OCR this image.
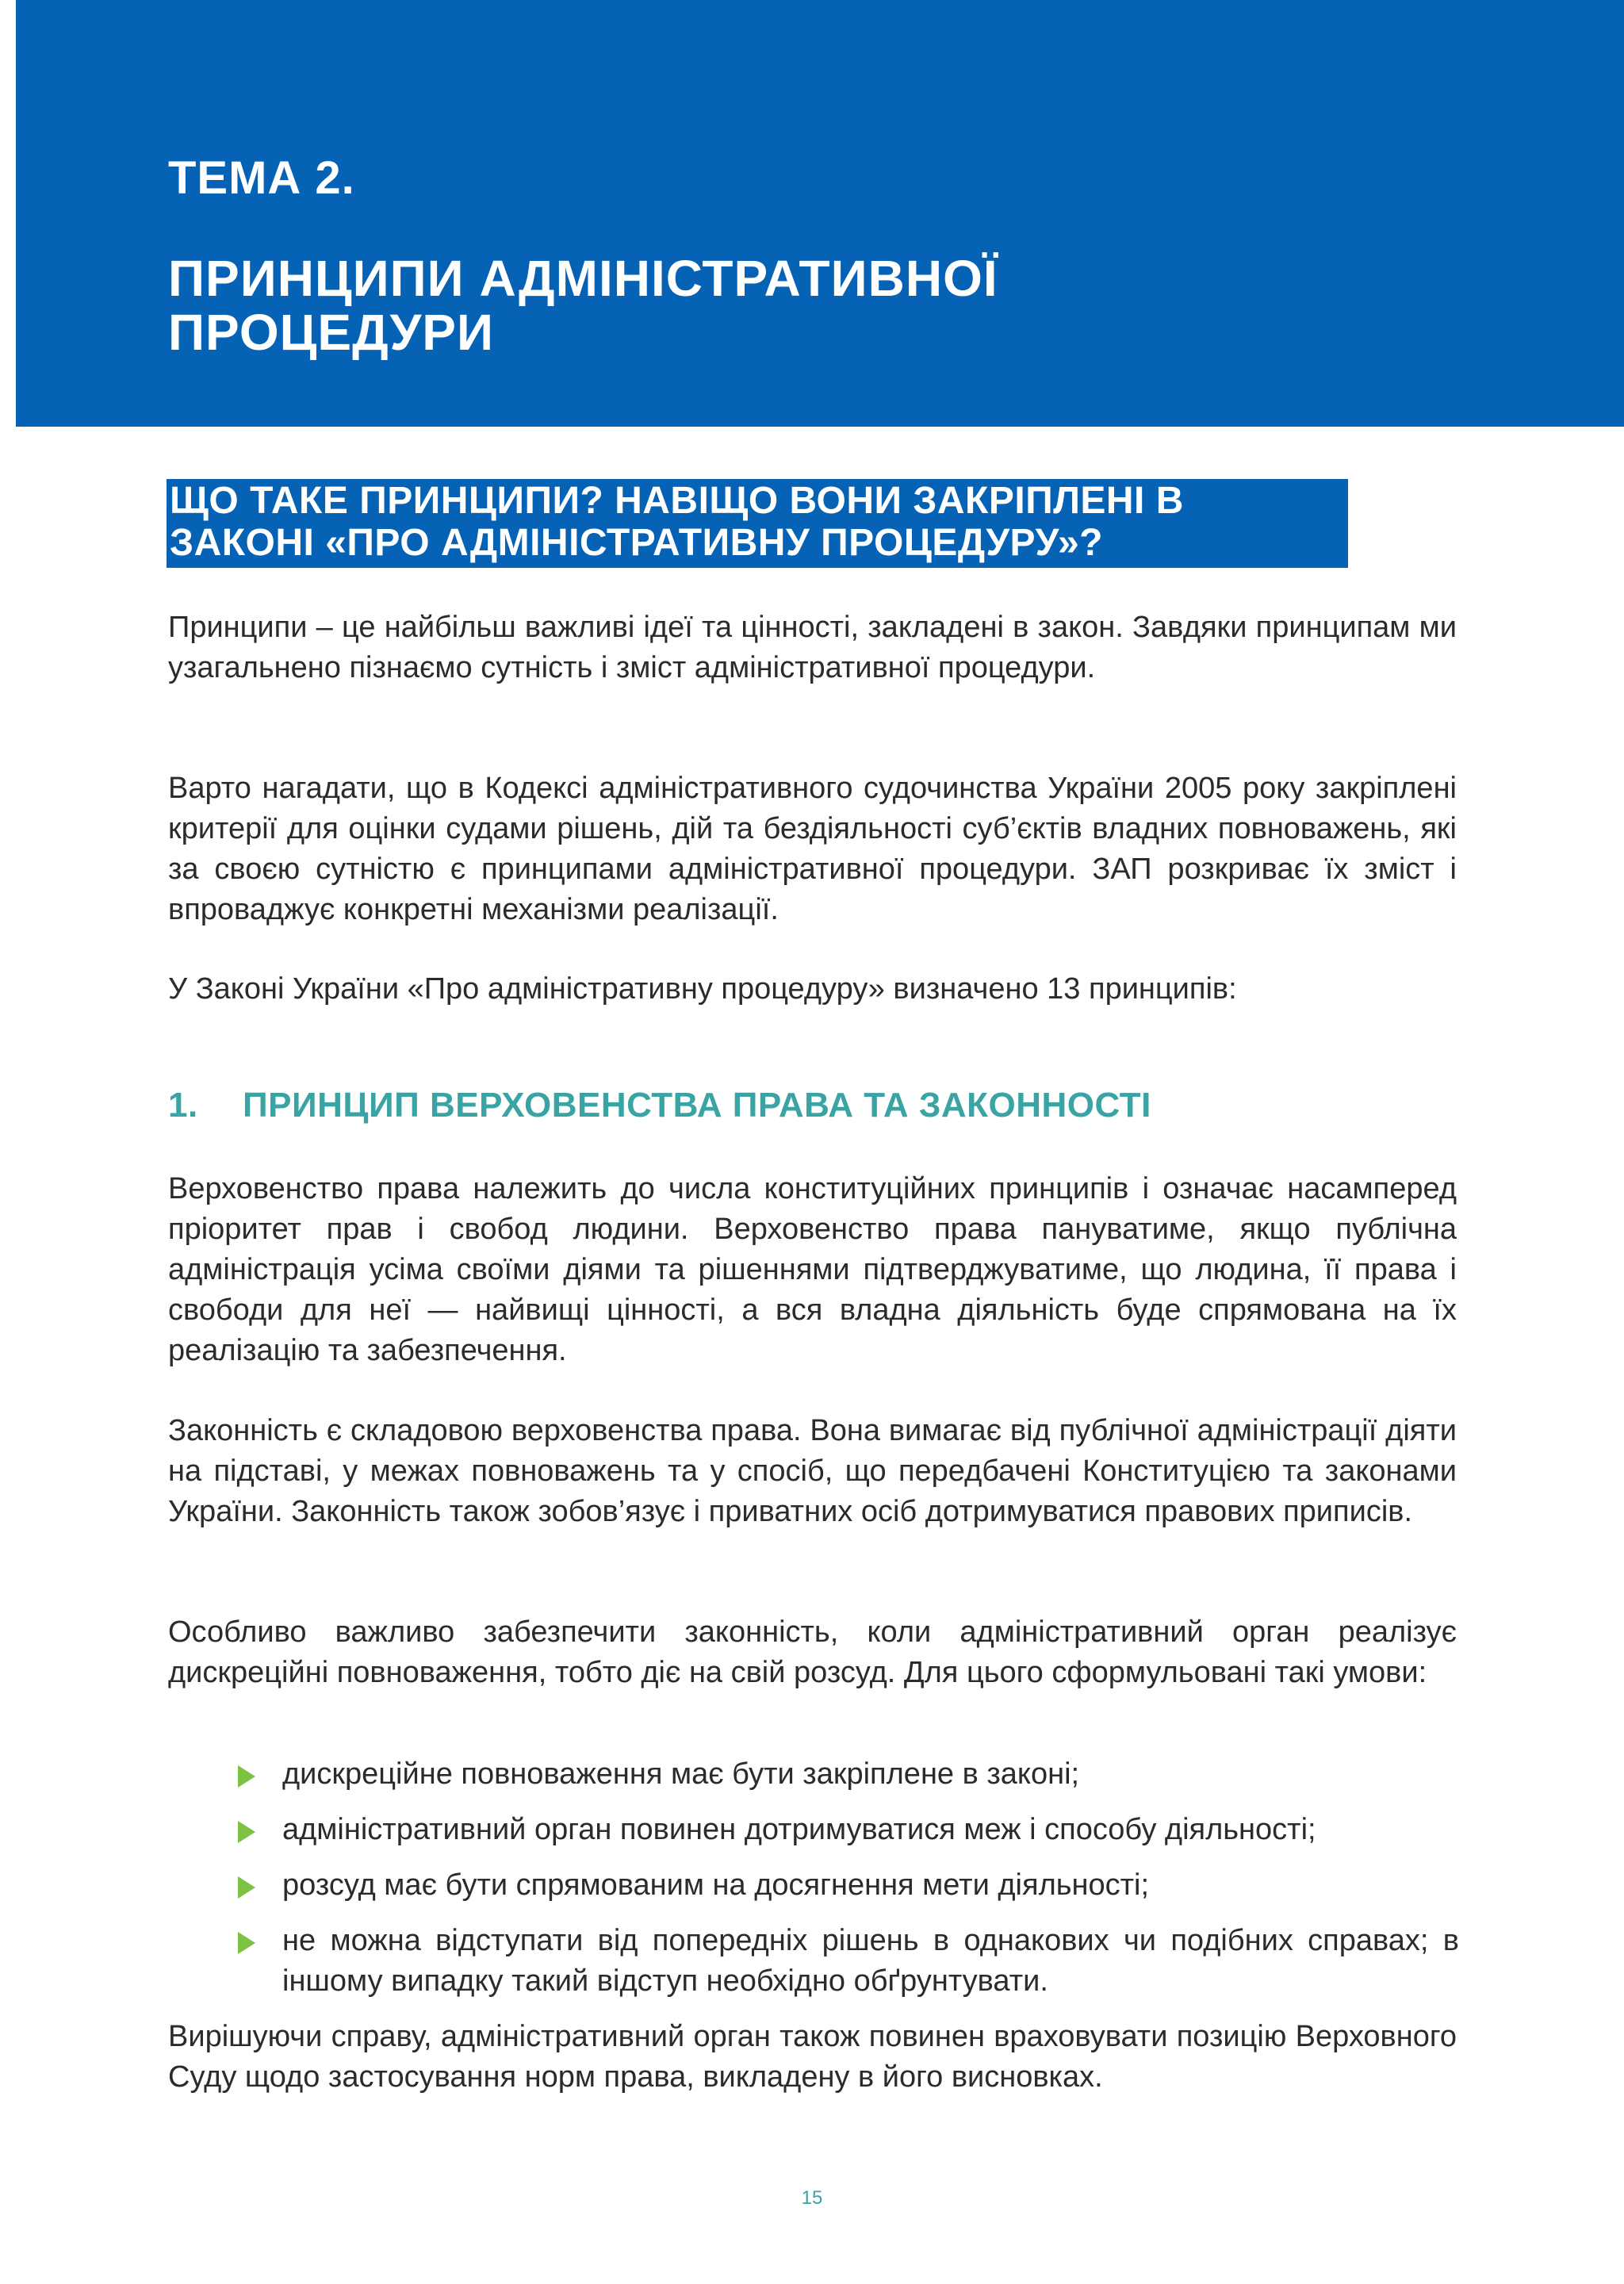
ТЕМА 2.
ПРИНЦИПИ АДМІНІСТРАТИВНОЇ
ПРОЦЕДУРИ
ЩО ТАКЕ ПРИНЦИПИ? НАВІЩО ВОНИ ЗАКРІПЛЕНІ В
ЗАКОНІ «ПРО АДМІНІСТРАТИВНУ ПРОЦЕДУРУ»?

Принципи – це найбільш важливі ідеї та цінності, закладені в закон. Завдяки принципам ми узагальнено пізнаємо сутність і зміст адміністративної процедури.

Варто нагадати, що в Кодексі адміністративного судочинства України 2005 року закріплені критерії для оцінки судами рішень, дій та бездіяльності суб’єктів владних повноважень, які за своєю сутністю є принципами адміністративної процедури. ЗАП розкриває їх зміст і впроваджує конкретні механізми реалізації.

У Законі України «Про адміністративну процедуру» визначено 13 принципів:

1.	ПРИНЦИП ВЕРХОВЕНСТВА ПРАВА ТА ЗАКОННОСТІ

Верховенство права належить до числа конституційних принципів і означає насамперед пріоритет прав і свобод людини. Верховенство права пануватиме, якщо публічна адміністрація усіма своїми діями та рішеннями підтверджуватиме, що людина, її права і свободи для неї — найвищі цінності, а вся владна діяльність буде спрямована на їх реалізацію та забезпечення.

Законність є складовою верховенства права. Вона вимагає від публічної адміністрації діяти на підставі, у межах повноважень та у спосіб, що передбачені Конституцією та законами України. Законність також зобов’язує і приватних осіб дотримуватися правових приписів.

Особливо важливо забезпечити законність, коли адміністративний орган реалізує дискреційні повноваження, тобто діє на свій розсуд. Для цього сформульовані такі умови:

дискреційне повноваження має бути закріплене в законі;
адміністративний орган повинен дотримуватися меж і способу діяльності;
розсуд має бути спрямованим на досягнення мети діяльності;
не можна відступати від попередніх рішень в однакових чи подібних справах; в іншому випадку такий відступ необхідно обґрунтувати.

Вирішуючи справу, адміністративний орган також повинен враховувати позицію Верховного Суду щодо застосування норм права, викладену в його висновках.

15
